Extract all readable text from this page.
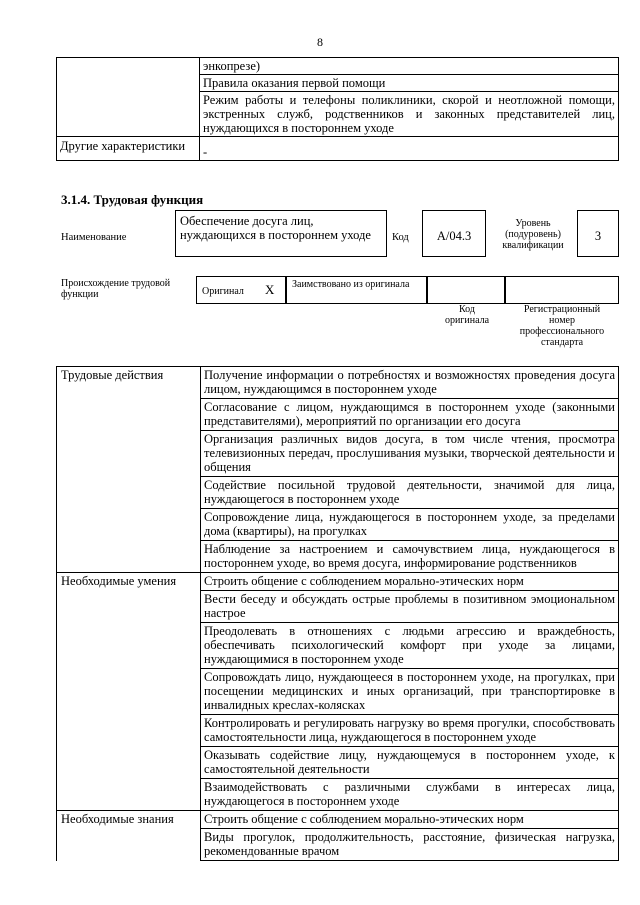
8
	энкопрезе)
	Правила оказания первой помощи
	Режим работы и телефоны поликлиники, скорой и неотложной помощи, экстренных служб, родственников и законных представителей лиц, нуждающихся в постороннем уходе
Другие характеристики	-
3.1.4. Трудовая функция
Наименование
Обеспечение досуга лиц, нуждающихся в постороннем уходе	Код	А/04.3
Уровень (подуровень) квалификации
3
Происхождение трудовой функции	Оригинал X Заимствовано из оригинала
Код оригинала
Регистрационный номер профессионального стандарта
Трудовые действия	Получение информации о потребностях и возможностях проведения досуга лицом, нуждающимся в постороннем уходе
	Согласование с лицом, нуждающимся в постороннем уходе (законными представителями), мероприятий по организации его досуга
	Организация различных видов досуга, в том числе чтения, просмотра телевизионных передач, прослушивания музыки, творческой деятельности и общения
	Содействие посильной трудовой деятельности, значимой для лица, нуждающегося в постороннем уходе
	Сопровождение лица, нуждающегося в постороннем уходе, за пределами дома (квартиры), на прогулках
	Наблюдение за настроением и самочувствием лица, нуждающегося в постороннем уходе, во время досуга, информирование родственников
Необходимые умения	Строить общение с соблюдением морально-этических норм
	Вести беседу и обсуждать острые проблемы в позитивном эмоциональном настрое
	Преодолевать в отношениях с людьми агрессию и враждебность, обеспечивать психологический комфорт при уходе за лицами, нуждающимися в постороннем уходе
	Сопровождать лицо, нуждающееся в постороннем уходе, на прогулках, при посещении медицинских и иных организаций, при транспортировке в инвалидных креслах-колясках
	Контролировать и регулировать нагрузку во время прогулки, способствовать самостоятельности лица, нуждающегося в постороннем уходе
	Оказывать содействие лицу, нуждающемуся в постороннем уходе, к самостоятельной деятельности
	Взаимодействовать с различными службами в интересах лица, нуждающегося в постороннем уходе
Необходимые знания	Строить общение с соблюдением морально-этических норм
	Виды прогулок, продолжительность, расстояние, физическая нагрузка, рекомендованные врачом
